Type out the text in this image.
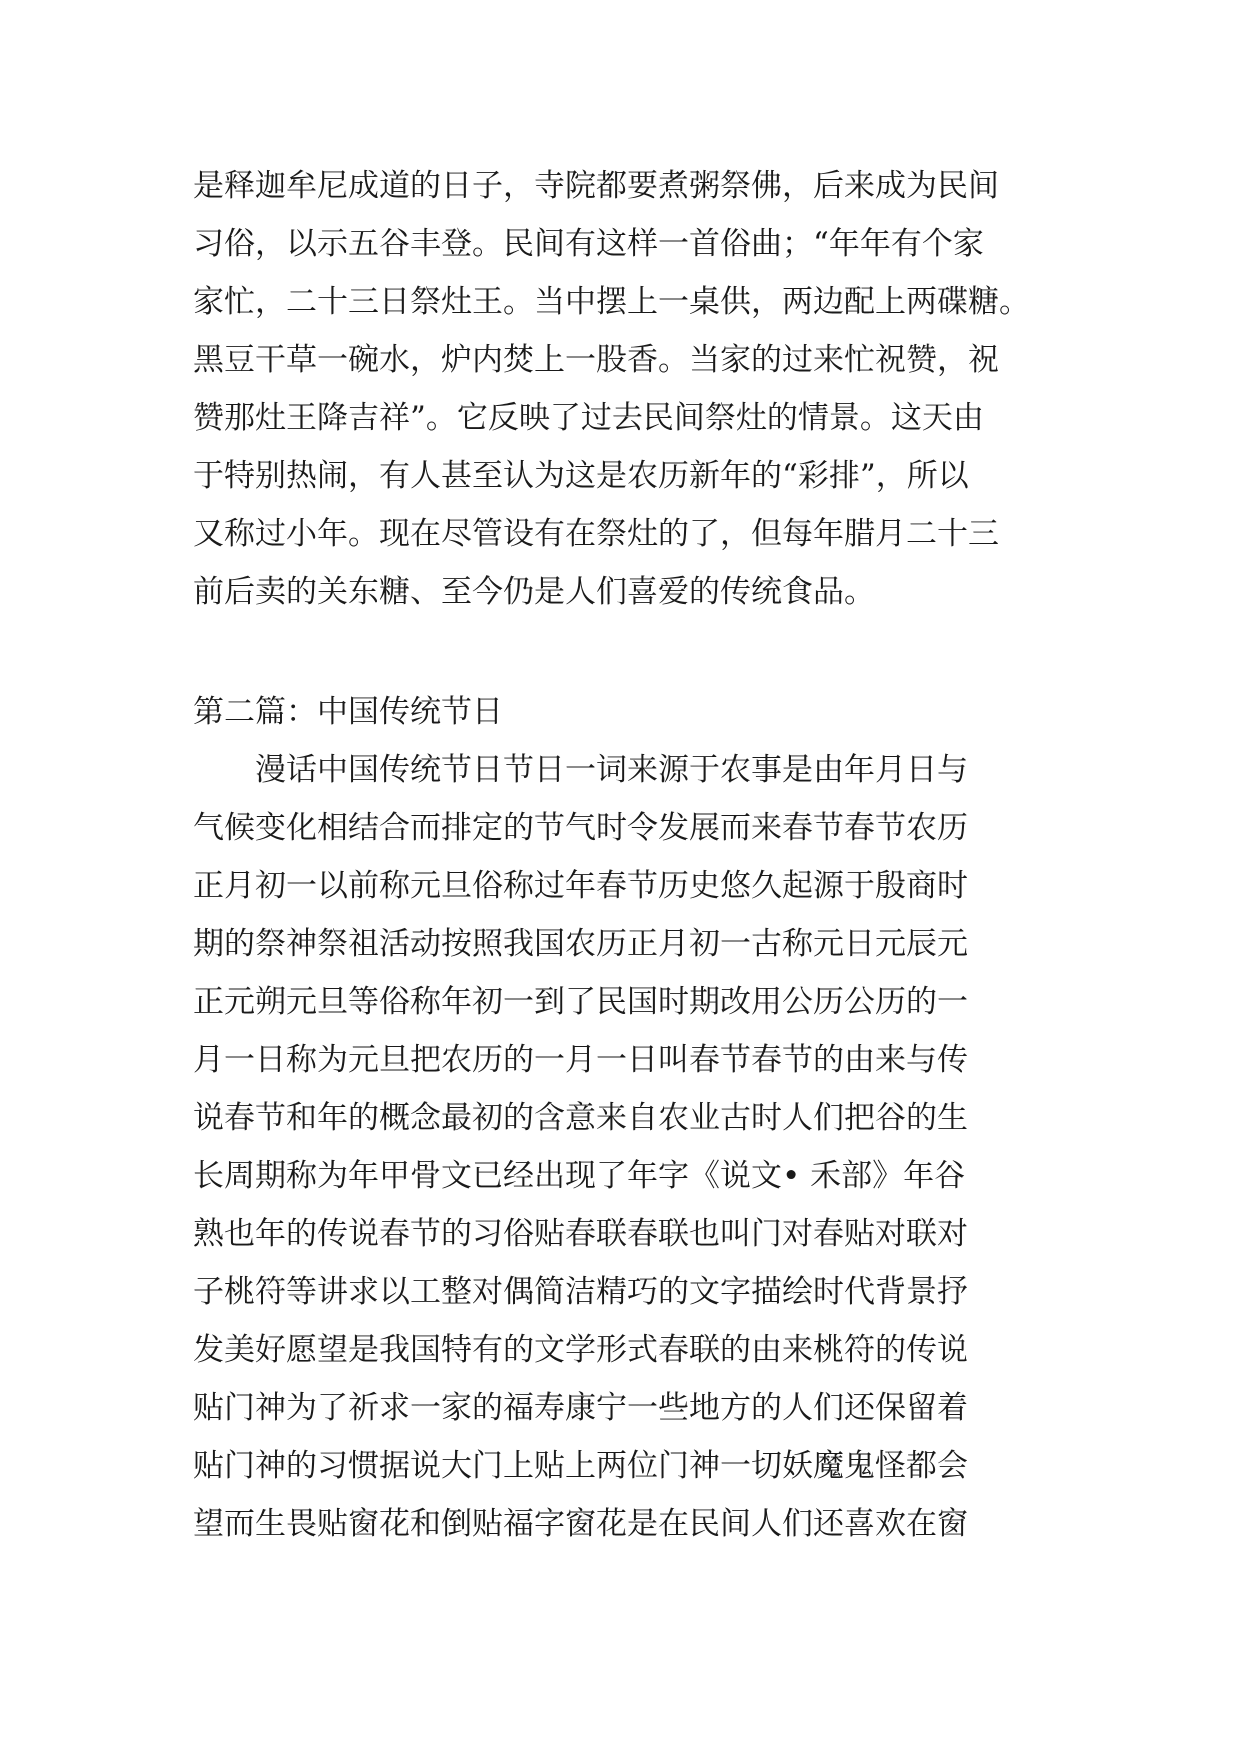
是释迦牟尼成道的日子，寺院都要煮粥祭佛，后来成为民间
习俗，以示五谷丰登。民间有这样一首俗曲；“年年有个家
家忙，二十三日祭灶王。当中摆上一桌供，两边配上两碟糖。
黑豆干草一碗水，炉内焚上一股香。当家的过来忙祝赞，祝
赞那灶王降吉祥”。它反映了过去民间祭灶的情景。这天由
于特别热闹，有人甚至认为这是农历新年的“彩排”，所以
又称过小年。现在尽管设有在祭灶的了，但每年腊月二十三
前后卖的关东糖、至今仍是人们喜爱的传统食品。
第二篇：中国传统节日
　　漫话中国传统节日节日一词来源于农事是由年月日与
气候变化相结合而排定的节气时令发展而来春节春节农历
正月初一以前称元旦俗称过年春节历史悠久起源于殷商时
期的祭神祭祖活动按照我国农历正月初一古称元日元辰元
正元朔元旦等俗称年初一到了民国时期改用公历公历的一
月一日称为元旦把农历的一月一日叫春节春节的由来与传
说春节和年的概念最初的含意来自农业古时人们把谷的生
长周期称为年甲骨文已经出现了年字《说文• 禾部》年谷
熟也年的传说春节的习俗贴春联春联也叫门对春贴对联对
子桃符等讲求以工整对偶简洁精巧的文字描绘时代背景抒
发美好愿望是我国特有的文学形式春联的由来桃符的传说
贴门神为了祈求一家的福寿康宁一些地方的人们还保留着
贴门神的习惯据说大门上贴上两位门神一切妖魔鬼怪都会
望而生畏贴窗花和倒贴福字窗花是在民间人们还喜欢在窗
